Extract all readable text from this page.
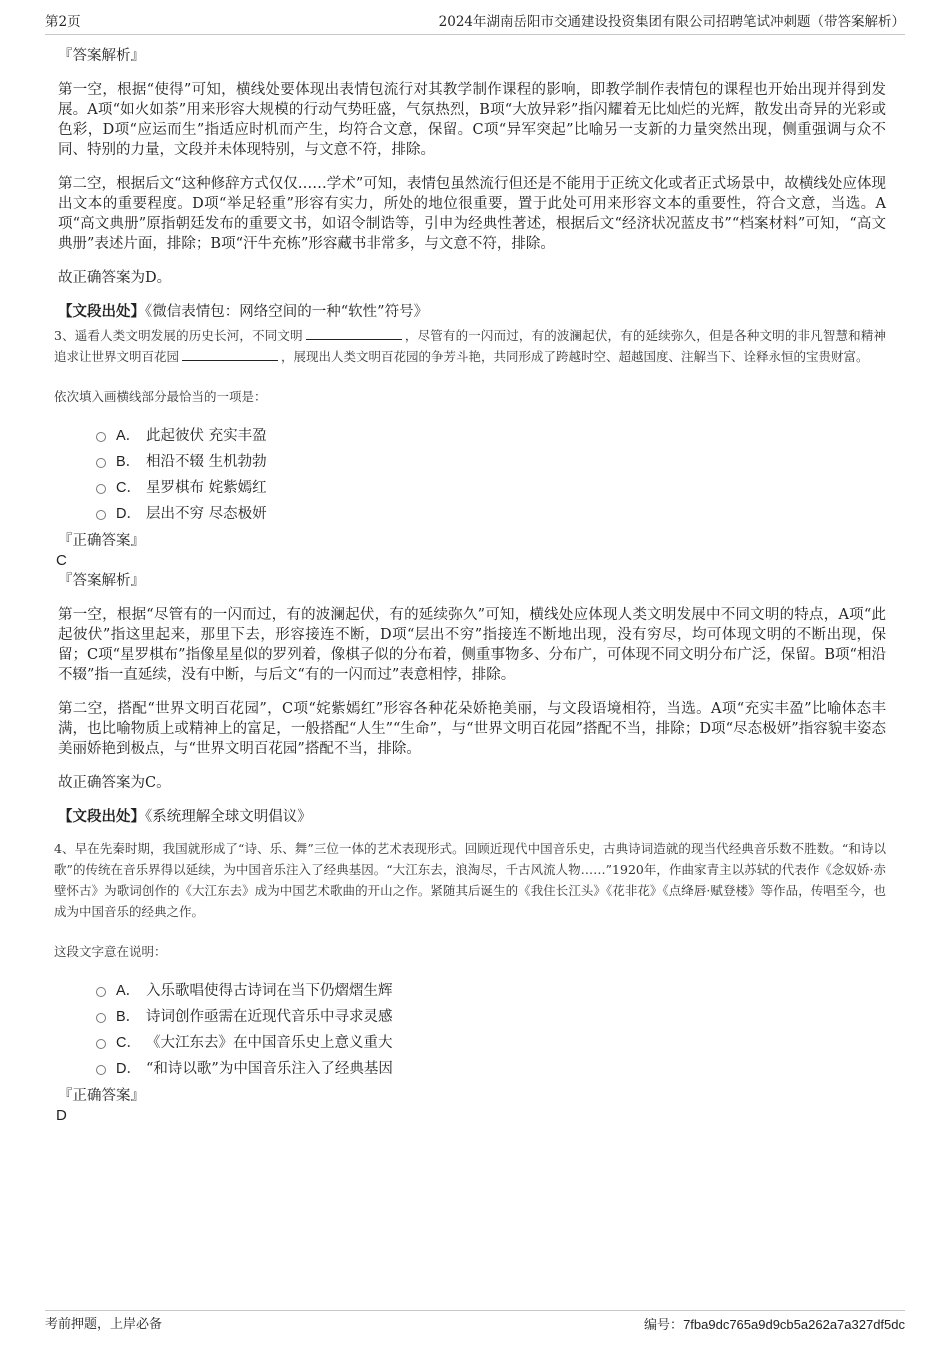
第2页	2024年湖南岳阳市交通建设投资集团有限公司招聘笔试冲刺题（带答案解析）

『答案解析』

第一空，根据“使得”可知，横线处要体现出表情包流行对其教学制作课程的影响，即教学制作表情包的课程也开始出现并得到发展。A项“如火如荼”用来形容大规模的行动气势旺盛，气氛热烈，B项“大放异彩”指闪耀着无比灿烂的光辉，散发出奇异的光彩或色彩，D项“应运而生”指适应时机而产生，均符合文意，保留。C项“异军突起”比喻另一支新的力量突然出现，侧重强调与众不同、特别的力量，文段并未体现特别，与文意不符，排除。

第二空，根据后文“这种修辞方式仅仅……学术”可知，表情包虽然流行但还是不能用于正统文化或者正式场景中，故横线处应体现出文本的重要程度。D项“举足轻重”形容有实力，所处的地位很重要，置于此处可用来形容文本的重要性，符合文意，当选。A项“高文典册”原指朝廷发布的重要文书，如诏令制诰等，引申为经典性著述，根据后文“经济状况蓝皮书”“档案材料”可知，“高文典册”表述片面，排除；B项“汗牛充栋”形容藏书非常多，与文意不符，排除。

故正确答案为D。

【文段出处】《微信表情包：网络空间的一种“软性”符号》

3、遥看人类文明发展的历史长河，不同文明	，尽管有的一闪而过，有的波澜起伏，有的延续弥久，但是各种文明的非凡智慧和精神追求让世界文明百花园	，展现出人类文明百花园的争芳斗艳，共同形成了跨越时空、超越国度、注解当下、诠释永恒的宝贵财富。

依次填入画横线部分最恰当的一项是：

A． 此起彼伏 充实丰盈
B． 相沿不辍 生机勃勃
C． 星罗棋布 姹紫嫣红
D． 层出不穷 尽态极妍

『正确答案』

C

『答案解析』

第一空，根据“尽管有的一闪而过，有的波澜起伏，有的延续弥久”可知，横线处应体现人类文明发展中不同文明的特点，A项“此起彼伏”指这里起来，那里下去，形容接连不断，D项“层出不穷”指接连不断地出现，没有穷尽，均可体现文明的不断出现，保留；C项“星罗棋布”指像星星似的罗列着，像棋子似的分布着，侧重事物多、分布广，可体现不同文明分布广泛，保留。B项“相沿不辍”指一直延续，没有中断，与后文“有的一闪而过”表意相悖，排除。

第二空，搭配“世界文明百花园”，C项“姹紫嫣红”形容各种花朵娇艳美丽，与文段语境相符，当选。A项“充实丰盈”比喻体态丰满，也比喻物质上或精神上的富足，一般搭配“人生”“生命”，与“世界文明百花园”搭配不当，排除；D项“尽态极妍”指容貌丰姿态美丽娇艳到极点，与“世界文明百花园”搭配不当，排除。

故正确答案为C。

【文段出处】《系统理解全球文明倡议》

4、早在先秦时期，我国就形成了“诗、乐、舞”三位一体的艺术表现形式。回顾近现代中国音乐史，古典诗词造就的现当代经典音乐数不胜数。“和诗以歌”的传统在音乐界得以延续，为中国音乐注入了经典基因。“大江东去，浪淘尽，千古风流人物……”1920年，作曲家青主以苏轼的代表作《念奴娇·赤壁怀古》为歌词创作的《大江东去》成为中国艺术歌曲的开山之作。紧随其后诞生的《我住长江头》《花非花》《点绛唇·赋登楼》等作品，传唱至今，也成为中国音乐的经典之作。

这段文字意在说明：

A． 入乐歌唱使得古诗词在当下仍熠熠生辉
B． 诗词创作亟需在近现代音乐中寻求灵感
C． 《大江东去》在中国音乐史上意义重大
D． “和诗以歌”为中国音乐注入了经典基因

『正确答案』

D

考前押题，上岸必备	编号：7fba9dc765a9d9cb5a262a7a327df5dc
